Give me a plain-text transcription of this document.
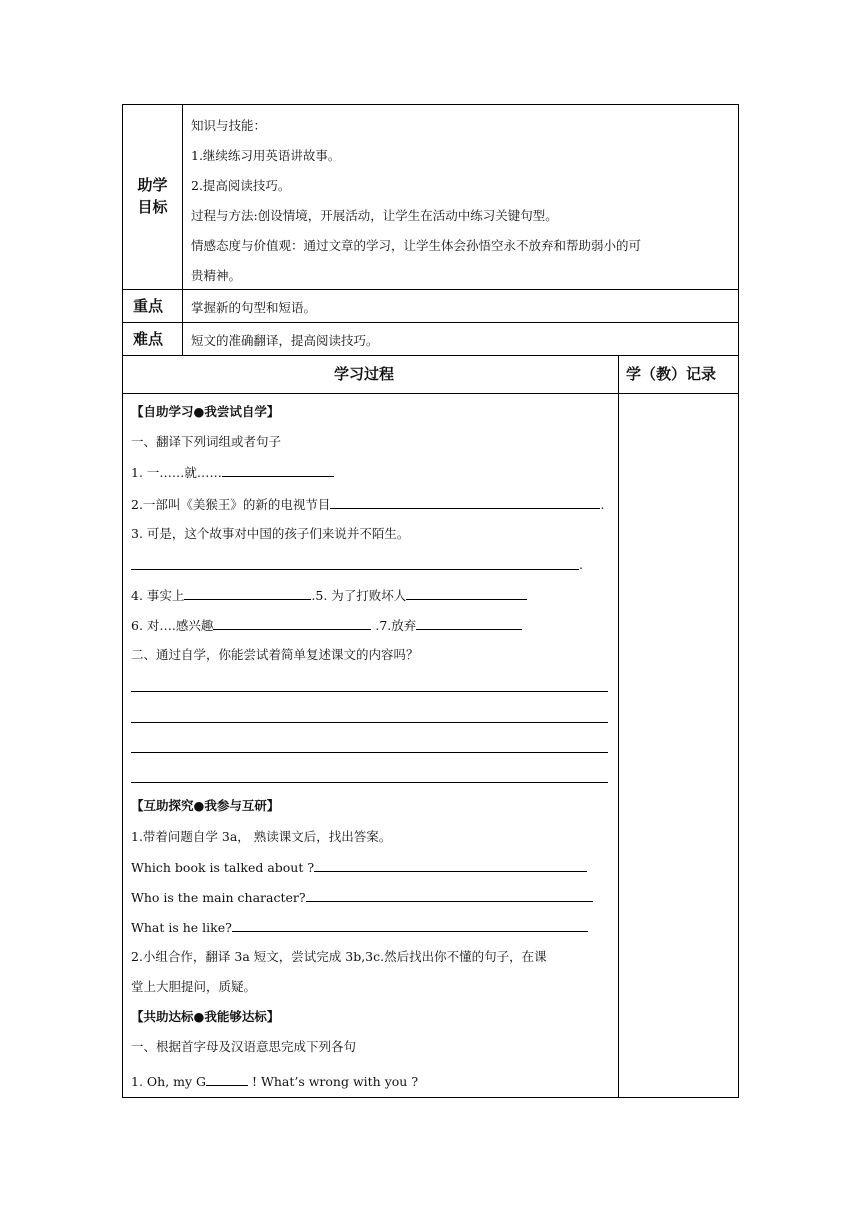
助学
目标
知识与技能：
1.继续练习用英语讲故事。
2.提高阅读技巧。
过程与方法:创设情境，开展活动，让学生在活动中练习关键句型。
情感态度与价值观：通过文章的学习，让学生体会孙悟空永不放弃和帮助弱小的可
贵精神。
重点	掌握新的句型和短语。
难点	短文的准确翻译，提高阅读技巧。
学习过程	学（教）记录
【自助学习●我尝试自学】
一、翻译下列词组或者句子
1. 一……就……
2.一部叫《美猴王》的新的电视节目	.
3. 可是，这个故事对中国的孩子们来说并不陌生。
.
4. 事实上	.5. 为了打败坏人
6. 对….感兴趣	.7.放弃
二、通过自学，你能尝试着简单复述课文的内容吗？
【互助探究●我参与互研】
1.带着问题自学 3a， 熟读课文后，找出答案。
Which book is talked about ?
Who is the main character?
What is he like?
2.小组合作，翻译 3a 短文，尝试完成 3b,3c.然后找出你不懂的句子，在课
堂上大胆提问，质疑。
【共助达标●我能够达标】
一、根据首字母及汉语意思完成下列各句
1. Oh, my G	! What’s wrong with you ?
